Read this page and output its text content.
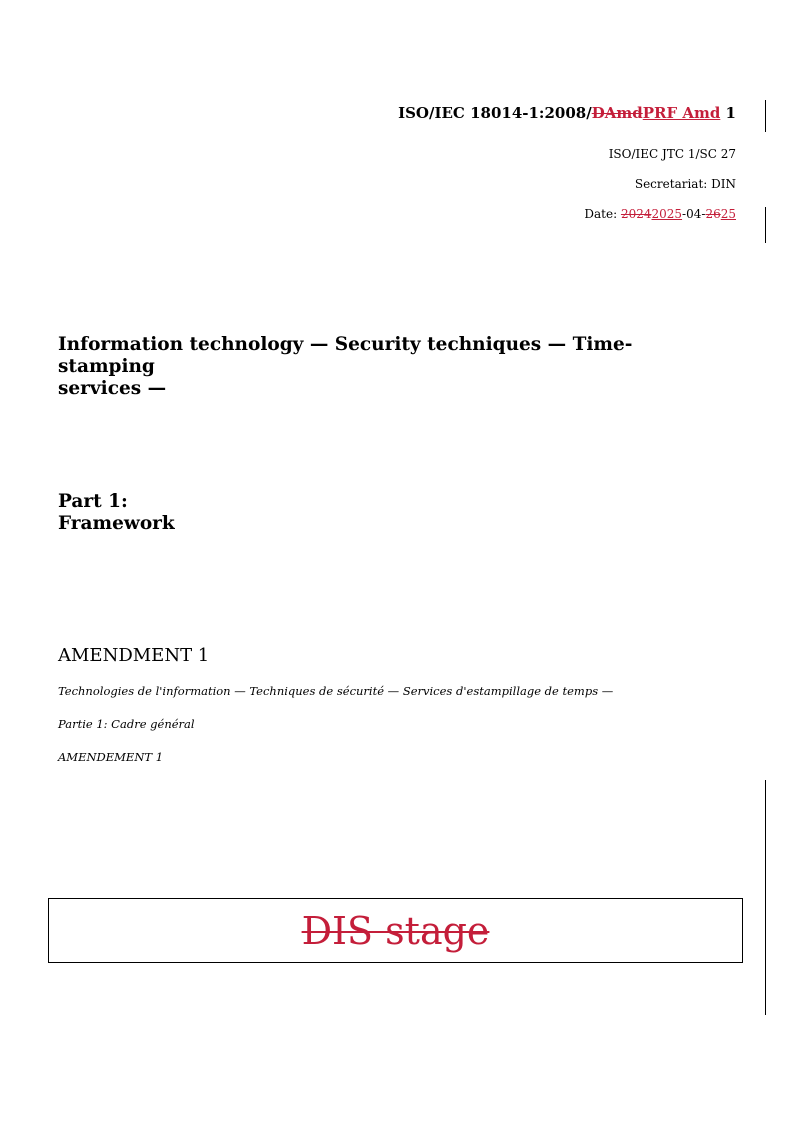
ISO/IEC 18014-1:2008/DAmdPRF Amd 1
ISO/IEC JTC 1/SC 27
Secretariat: DIN
Date: 20242025-04-2625
Information technology — Security techniques — Time-stamping
services —
Part 1:
Framework
AMENDMENT 1
Technologies de l'information — Techniques de sécurité — Services d'estampillage de temps —
Partie 1: Cadre général
AMENDEMENT 1
DIS stage
